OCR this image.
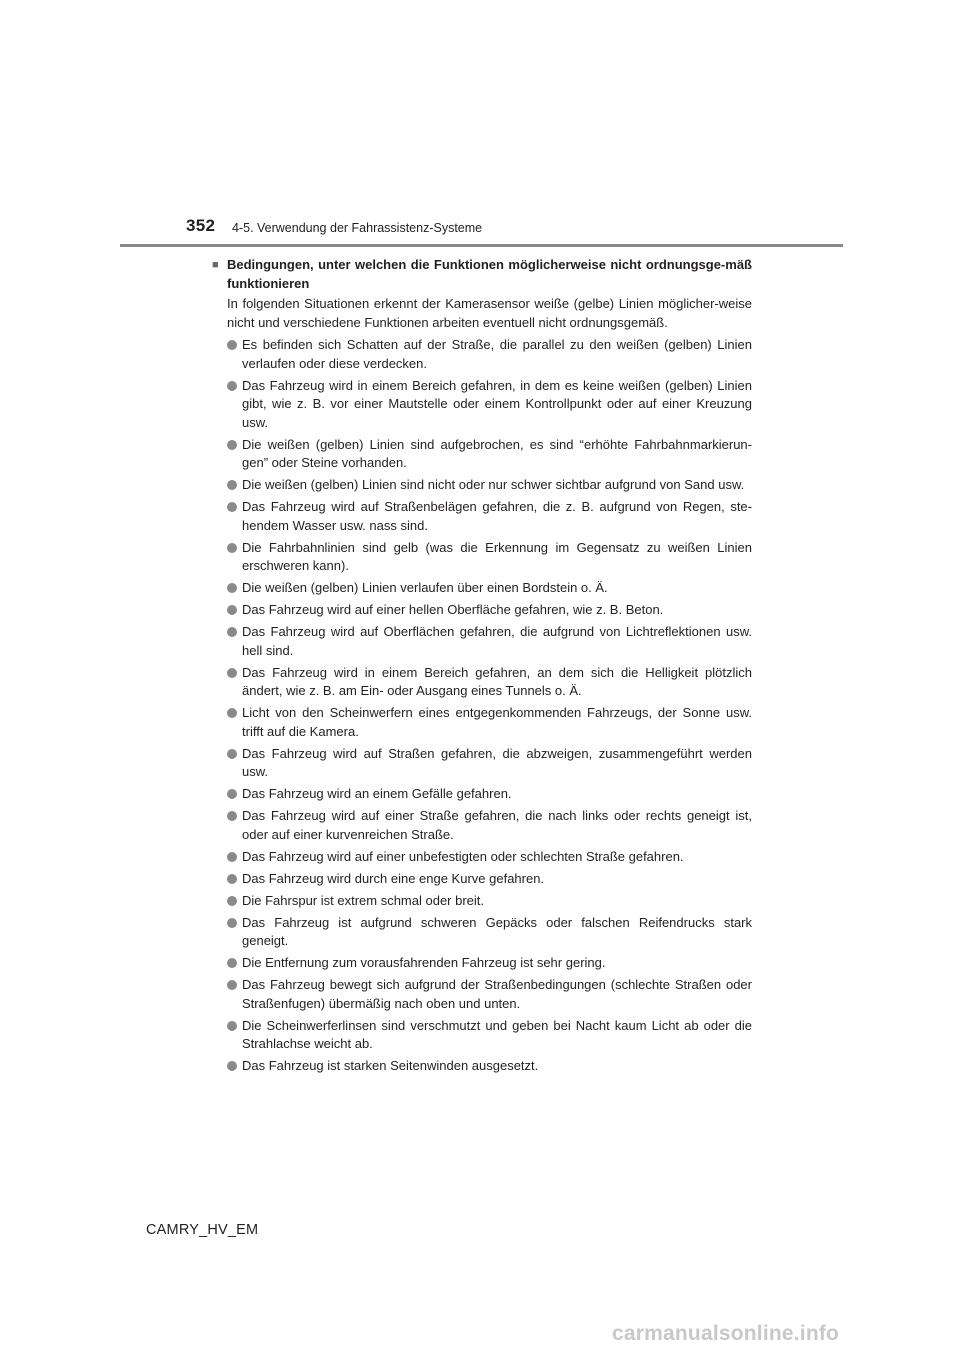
352 4-5. Verwendung der Fahrassistenz-Systeme
■ Bedingungen, unter welchen die Funktionen möglicherweise nicht ordnungsge-mäß funktionieren

In folgenden Situationen erkennt der Kamerasensor weiße (gelbe) Linien möglicher-weise nicht und verschiedene Funktionen arbeiten eventuell nicht ordnungsgemäß.

Es befinden sich Schatten auf der Straße, die parallel zu den weißen (gelben) Linien verlaufen oder diese verdecken.
Das Fahrzeug wird in einem Bereich gefahren, in dem es keine weißen (gelben) Linien gibt, wie z. B. vor einer Mautstelle oder einem Kontrollpunkt oder auf einer Kreuzung usw.
Die weißen (gelben) Linien sind aufgebrochen, es sind “erhöhte Fahrbahnmarkierun-gen” oder Steine vorhanden.
Die weißen (gelben) Linien sind nicht oder nur schwer sichtbar aufgrund von Sand usw.
Das Fahrzeug wird auf Straßenbelägen gefahren, die z. B. aufgrund von Regen, ste-hendem Wasser usw. nass sind.
Die Fahrbahnlinien sind gelb (was die Erkennung im Gegensatz zu weißen Linien erschweren kann).
Die weißen (gelben) Linien verlaufen über einen Bordstein o. Ä.
Das Fahrzeug wird auf einer hellen Oberfläche gefahren, wie z. B. Beton.
Das Fahrzeug wird auf Oberflächen gefahren, die aufgrund von Lichtreflektionen usw. hell sind.
Das Fahrzeug wird in einem Bereich gefahren, an dem sich die Helligkeit plötzlich ändert, wie z. B. am Ein- oder Ausgang eines Tunnels o. Ä.
Licht von den Scheinwerfern eines entgegenkommenden Fahrzeugs, der Sonne usw. trifft auf die Kamera.
Das Fahrzeug wird auf Straßen gefahren, die abzweigen, zusammengeführt werden usw.
Das Fahrzeug wird an einem Gefälle gefahren.
Das Fahrzeug wird auf einer Straße gefahren, die nach links oder rechts geneigt ist, oder auf einer kurvenreichen Straße.
Das Fahrzeug wird auf einer unbefestigten oder schlechten Straße gefahren.
Das Fahrzeug wird durch eine enge Kurve gefahren.
Die Fahrspur ist extrem schmal oder breit.
Das Fahrzeug ist aufgrund schweren Gepäcks oder falschen Reifendrucks stark geneigt.
Die Entfernung zum vorausfahrenden Fahrzeug ist sehr gering.
Das Fahrzeug bewegt sich aufgrund der Straßenbedingungen (schlechte Straßen oder Straßenfugen) übermäßig nach oben und unten.
Die Scheinwerferlinsen sind verschmutzt und geben bei Nacht kaum Licht ab oder die Strahlachse weicht ab.
Das Fahrzeug ist starken Seitenwinden ausgesetzt.
CAMRY_HV_EM
carmanualsonline.info
